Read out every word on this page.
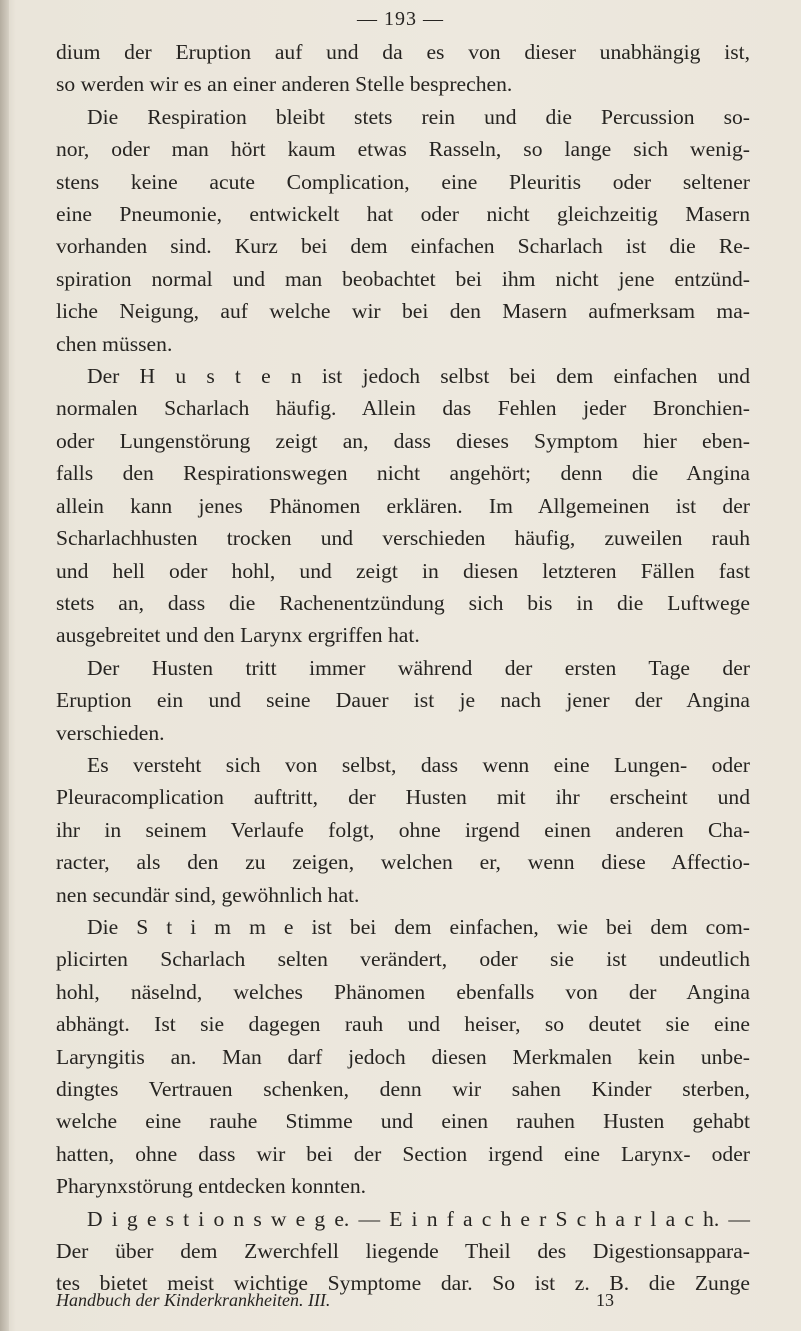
— 193 —
dium der Eruption auf und da es von dieser unabhängig ist,
so werden wir es an einer anderen Stelle besprechen.
Die Respiration bleibt stets rein und die Percussion so-
nor, oder man hört kaum etwas Rasseln, so lange sich wenig-
stens keine acute Complication, eine Pleuritis oder seltener
eine Pneumonie, entwickelt hat oder nicht gleichzeitig Masern
vorhanden sind. Kurz bei dem einfachen Scharlach ist die Re-
spiration normal und man beobachtet bei ihm nicht jene entzünd-
liche Neigung, auf welche wir bei den Masern aufmerksam ma-
chen müssen.
Der H u s t e n ist jedoch selbst bei dem einfachen und
normalen Scharlach häufig. Allein das Fehlen jeder Bronchien-
oder Lungenstörung zeigt an, dass dieses Symptom hier eben-
falls den Respirationswegen nicht angehört; denn die Angina
allein kann jenes Phänomen erklären. Im Allgemeinen ist der
Scharlachhusten trocken und verschieden häufig, zuweilen rauh
und hell oder hohl, und zeigt in diesen letzteren Fällen fast
stets an, dass die Rachenentzündung sich bis in die Luftwege
ausgebreitet und den Larynx ergriffen hat.
Der Husten tritt immer während der ersten Tage der
Eruption ein und seine Dauer ist je nach jener der Angina
verschieden.
Es versteht sich von selbst, dass wenn eine Lungen- oder
Pleuracomplication auftritt, der Husten mit ihr erscheint und
ihr in seinem Verlaufe folgt, ohne irgend einen anderen Cha-
racter, als den zu zeigen, welchen er, wenn diese Affectio-
nen secundär sind, gewöhnlich hat.
Die S t i m m e ist bei dem einfachen, wie bei dem com-
plicirten Scharlach selten verändert, oder sie ist undeutlich
hohl, näselnd, welches Phänomen ebenfalls von der Angina
abhängt. Ist sie dagegen rauh und heiser, so deutet sie eine
Laryngitis an. Man darf jedoch diesen Merkmalen kein unbe-
dingtes Vertrauen schenken, denn wir sahen Kinder sterben,
welche eine rauhe Stimme und einen rauhen Husten gehabt
hatten, ohne dass wir bei der Section irgend eine Larynx- oder
Pharynxstörung entdecken konnten.
D i g e s t i o n s w e g e. — E i n f a c h e r S c h a r l a c h. —
Der über dem Zwerchfell liegende Theil des Digestionsappara-
tes bietet meist wichtige Symptome dar. So ist z. B. die Zunge
Handbuch der Kinderkrankheiten. III.	13
